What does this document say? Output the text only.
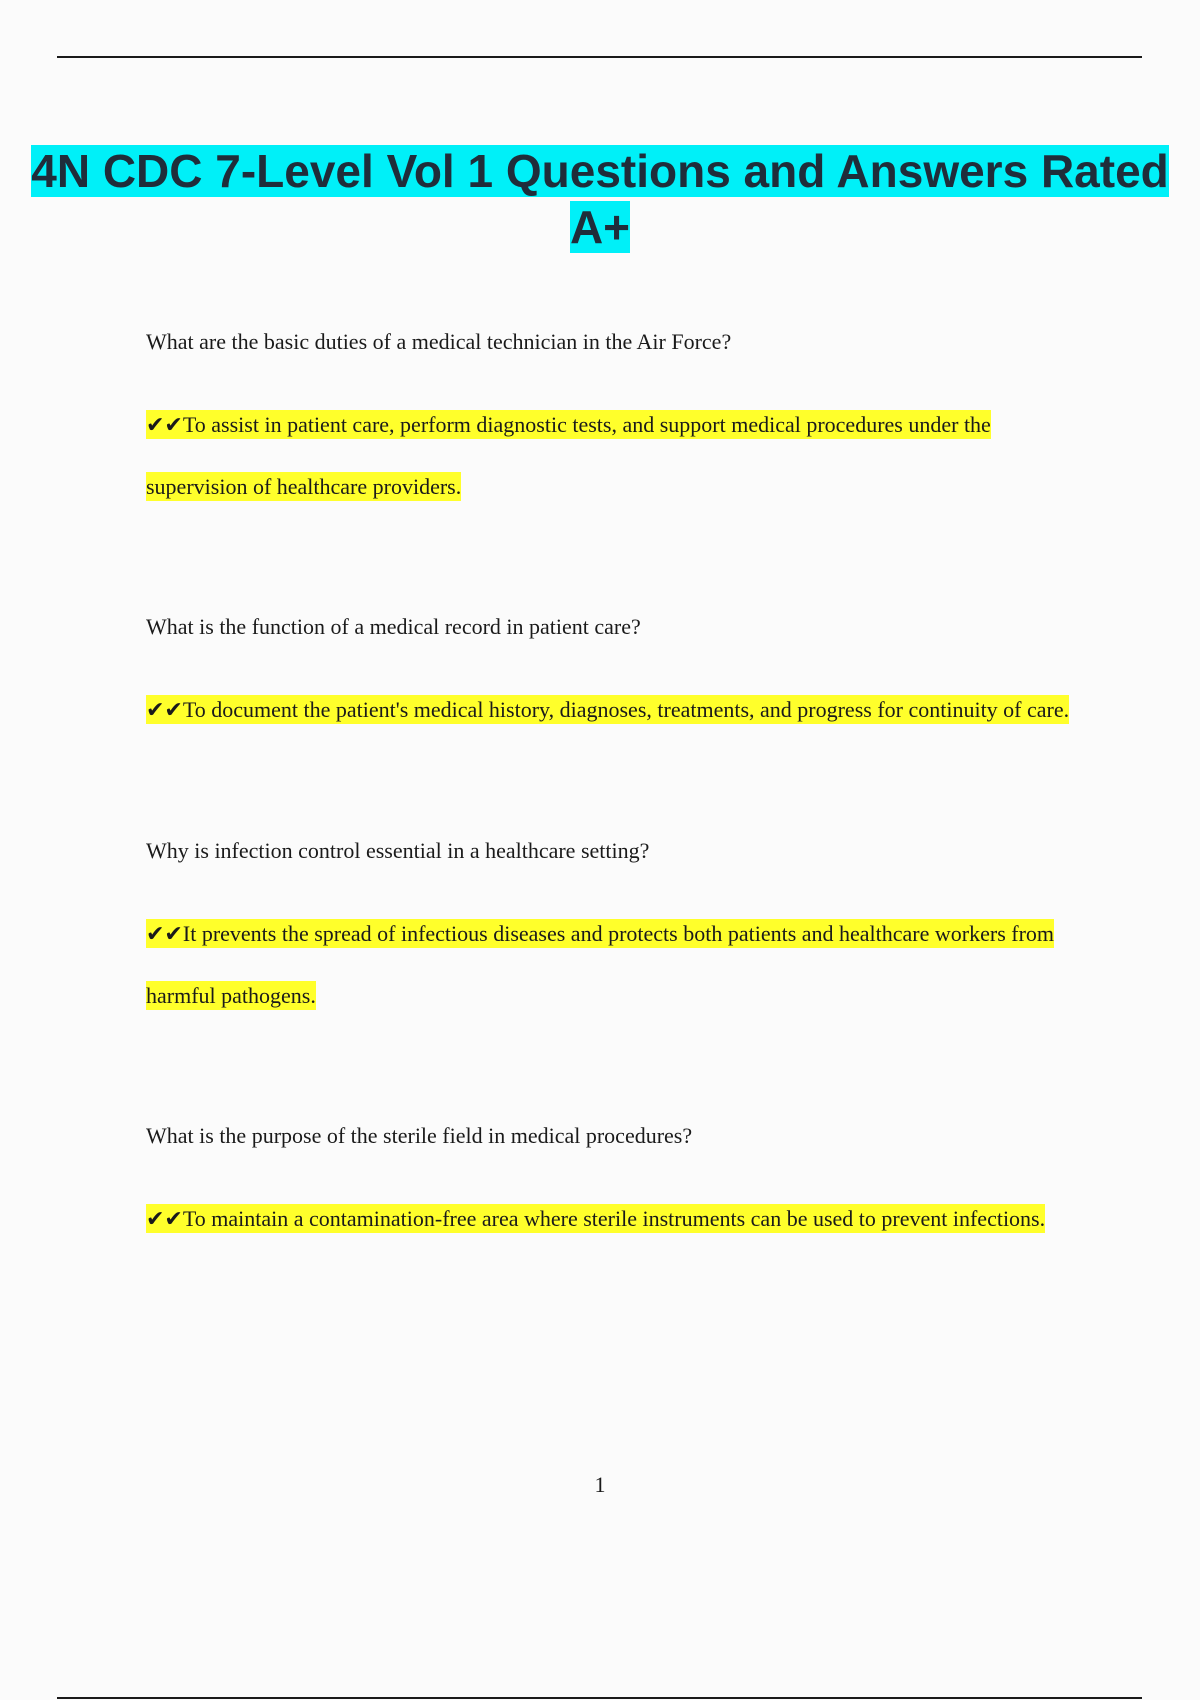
4N CDC 7-Level Vol 1 Questions and Answers Rated A+

What are the basic duties of a medical technician in the Air Force?

✔✔To assist in patient care, perform diagnostic tests, and support medical procedures under the supervision of healthcare providers.

What is the function of a medical record in patient care?

✔✔To document the patient's medical history, diagnoses, treatments, and progress for continuity of care.

Why is infection control essential in a healthcare setting?

✔✔It prevents the spread of infectious diseases and protects both patients and healthcare workers from harmful pathogens.

What is the purpose of the sterile field in medical procedures?

✔✔To maintain a contamination-free area where sterile instruments can be used to prevent infections.

1
